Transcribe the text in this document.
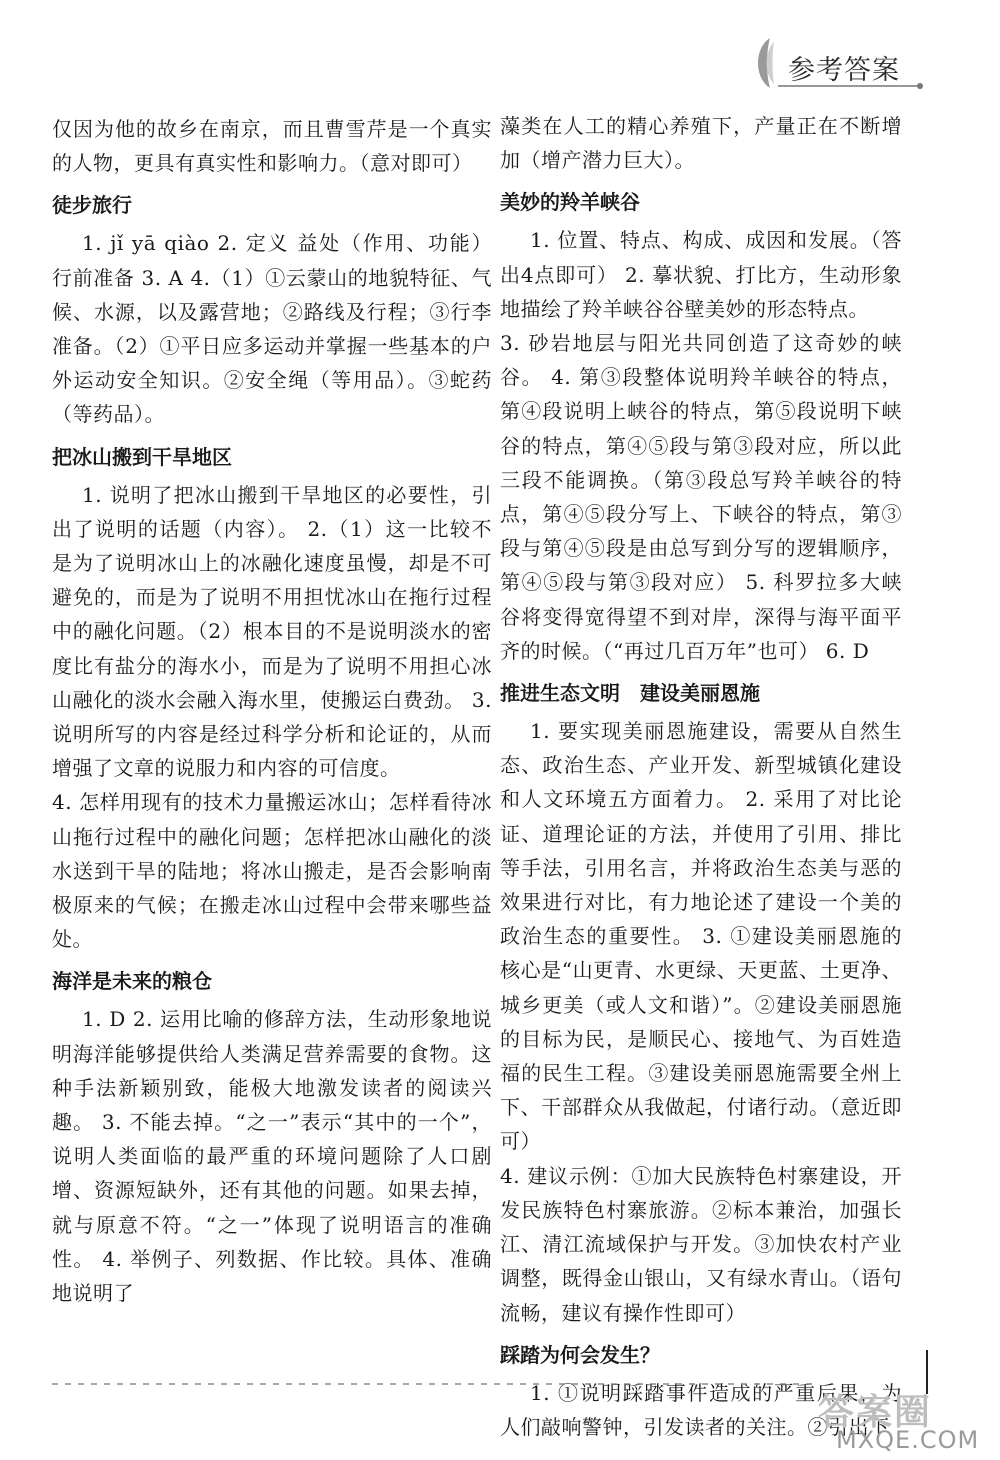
参考答案

仅因为他的故乡在南京，而且曹雪芹是一个真实的人物，更具有真实性和影响力。（意对即可）

徒步旅行

1. jǐ yā qiào 2. 定义 益处（作用、功能） 行前准备 3. A 4.（1）①云蒙山的地貌特征、气候、水源，以及露营地；②路线及行程；③行李准备。（2）①平日应多运动并掌握一些基本的户外运动安全知识。②安全绳（等用品）。③蛇药（等药品）。

把冰山搬到干旱地区

1. 说明了把冰山搬到干旱地区的必要性，引出了说明的话题（内容）。 2.（1）这一比较不是为了说明冰山上的冰融化速度虽慢，却是不可避免的，而是为了说明不用担忧冰山在拖行过程中的融化问题。（2）根本目的不是说明淡水的密度比有盐分的海水小，而是为了说明不用担心冰山融化的淡水会融入海水里，使搬运白费劲。 3. 说明所写的内容是经过科学分析和论证的，从而增强了文章的说服力和内容的可信度。

4. 怎样用现有的技术力量搬运冰山；怎样看待冰山拖行过程中的融化问题；怎样把冰山融化的淡水送到干旱的陆地；将冰山搬走，是否会影响南极原来的气候；在搬走冰山过程中会带来哪些益处。

海洋是未来的粮仓

1. D 2. 运用比喻的修辞方法，生动形象地说明海洋能够提供给人类满足营养需要的食物。这种手法新颖别致，能极大地激发读者的阅读兴趣。 3. 不能去掉。“之一”表示“其中的一个”，说明人类面临的最严重的环境问题除了人口剧增、资源短缺外，还有其他的问题。如果去掉，就与原意不符。“之一”体现了说明语言的准确性。 4. 举例子、列数据、作比较。具体、准确地说明了

藻类在人工的精心养殖下，产量正在不断增加（增产潜力巨大）。

美妙的羚羊峡谷

1. 位置、特点、构成、成因和发展。（答出4点即可） 2. 摹状貌、打比方，生动形象地描绘了羚羊峡谷谷壁美妙的形态特点。

3. 砂岩地层与阳光共同创造了这奇妙的峡谷。 4. 第③段整体说明羚羊峡谷的特点，第④段说明上峡谷的特点，第⑤段说明下峡谷的特点，第④⑤段与第③段对应，所以此三段不能调换。（第③段总写羚羊峡谷的特点，第④⑤段分写上、下峡谷的特点，第③段与第④⑤段是由总写到分写的逻辑顺序，第④⑤段与第③段对应） 5. 科罗拉多大峡谷将变得宽得望不到对岸，深得与海平面平齐的时候。（“再过几百万年”也可） 6. D

推进生态文明　建设美丽恩施

1. 要实现美丽恩施建设，需要从自然生态、政治生态、产业开发、新型城镇化建设和人文环境五方面着力。 2. 采用了对比论证、道理论证的方法，并使用了引用、排比等手法，引用名言，并将政治生态美与恶的效果进行对比，有力地论述了建设一个美的政治生态的重要性。 3. ①建设美丽恩施的核心是“山更青、水更绿、天更蓝、土更净、城乡更美（或人文和谐）”。②建设美丽恩施的目标为民，是顺民心、接地气、为百姓造福的民生工程。③建设美丽恩施需要全州上下、干部群众从我做起，付诸行动。（意近即可）

4. 建议示例：①加大民族特色村寨建设，开发民族特色村寨旅游。②标本兼治，加强长江、清江流域保护与开发。③加快农村产业调整，既得金山银山，又有绿水青山。（语句流畅，建议有操作性即可）

踩踏为何会发生？

1. ①说明踩踏事件造成的严重后果，为人们敲响警钟，引发读者的关注。②引出下

答案圈
MXQE.COM
